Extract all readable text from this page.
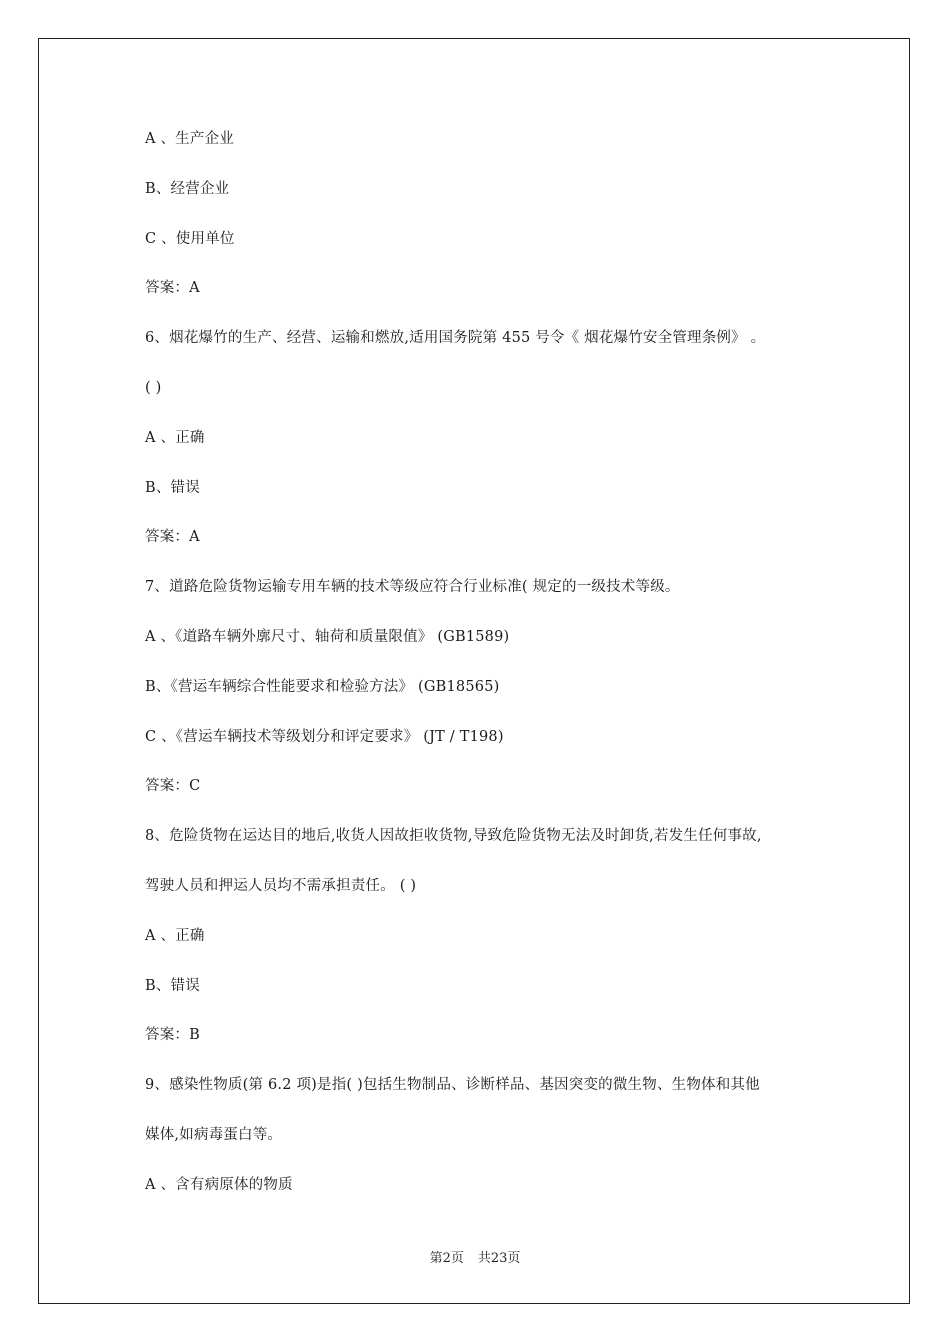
A 、生产企业
B、经营企业
C 、使用单位
答案：A
6、烟花爆竹的生产、经营、运输和燃放,适用国务院第 455 号令《 烟花爆竹安全管理条例》 。
( )
A 、正确
B、错误
答案：A
7、道路危险货物运输专用车辆的技术等级应符合行业标准( 规定的一级技术等级。
A 、《道路车辆外廓尺寸、轴荷和质量限值》 (GB1589)
B、《营运车辆综合性能要求和检验方法》 (GB18565)
C 、《营运车辆技术等级划分和评定要求》 (JT / T198)
答案：C
8、危险货物在运达目的地后,收货人因故拒收货物,导致危险货物无法及时卸货,若发生任何事故,
驾驶人员和押运人员均不需承担责任。 ( )
A 、正确
B、错误
答案：B
9、感染性物质(第 6.2 项)是指( )包括生物制品、诊断样品、基因突变的微生物、生物体和其他
媒体,如病毒蛋白等。
A 、含有病原体的物质
第2页 共23页
